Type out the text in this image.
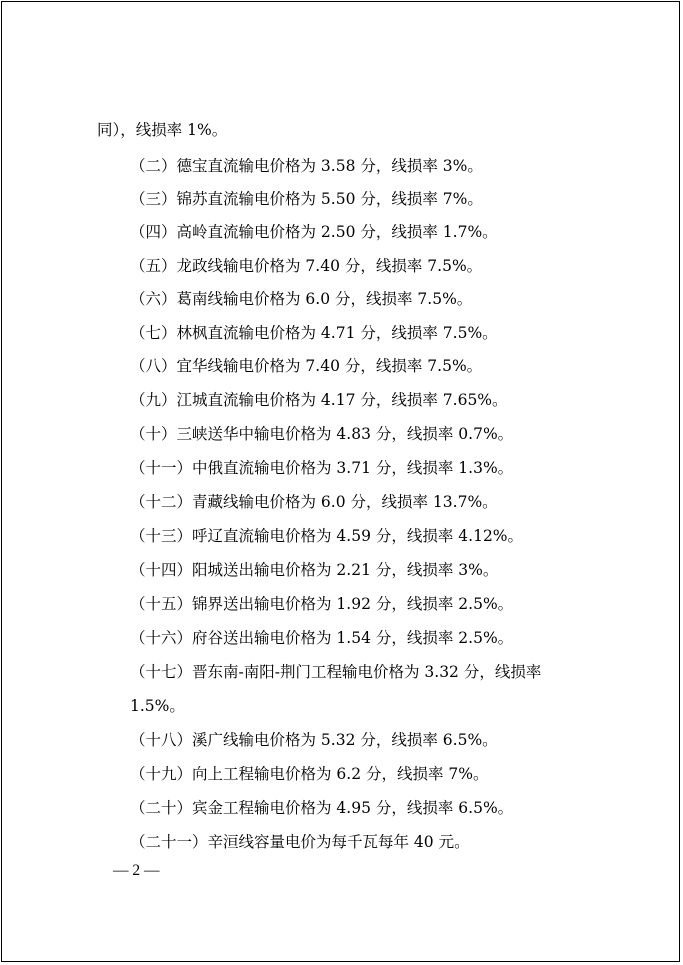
同），线损率 1%。
（二）德宝直流输电价格为 3.58 分，线损率 3%。
（三）锦苏直流输电价格为 5.50 分，线损率 7%。
（四）高岭直流输电价格为 2.50 分，线损率 1.7%。
（五）龙政线输电价格为 7.40 分，线损率 7.5%。
（六）葛南线输电价格为 6.0 分，线损率 7.5%。
（七）林枫直流输电价格为 4.71 分，线损率 7.5%。
（八）宜华线输电价格为 7.40 分，线损率 7.5%。
（九）江城直流输电价格为 4.17 分，线损率 7.65%。
（十）三峡送华中输电价格为 4.83 分，线损率 0.7%。
（十一）中俄直流输电价格为 3.71 分，线损率 1.3%。
（十二）青藏线输电价格为 6.0 分，线损率 13.7%。
（十三）呼辽直流输电价格为 4.59 分，线损率 4.12%。
（十四）阳城送出输电价格为 2.21 分，线损率 3%。
（十五）锦界送出输电价格为 1.92 分，线损率 2.5%。
（十六）府谷送出输电价格为 1.54 分，线损率 2.5%。
（十七）晋东南-南阳-荆门工程输电价格为 3.32 分，线损率
1.5%。
（十八）溪广线输电价格为 5.32 分，线损率 6.5%。
（十九）向上工程输电价格为 6.2 分，线损率 7%。
（二十）宾金工程输电价格为 4.95 分，线损率 6.5%。
（二十一）辛洹线容量电价为每千瓦每年 40 元。
— 2 —
